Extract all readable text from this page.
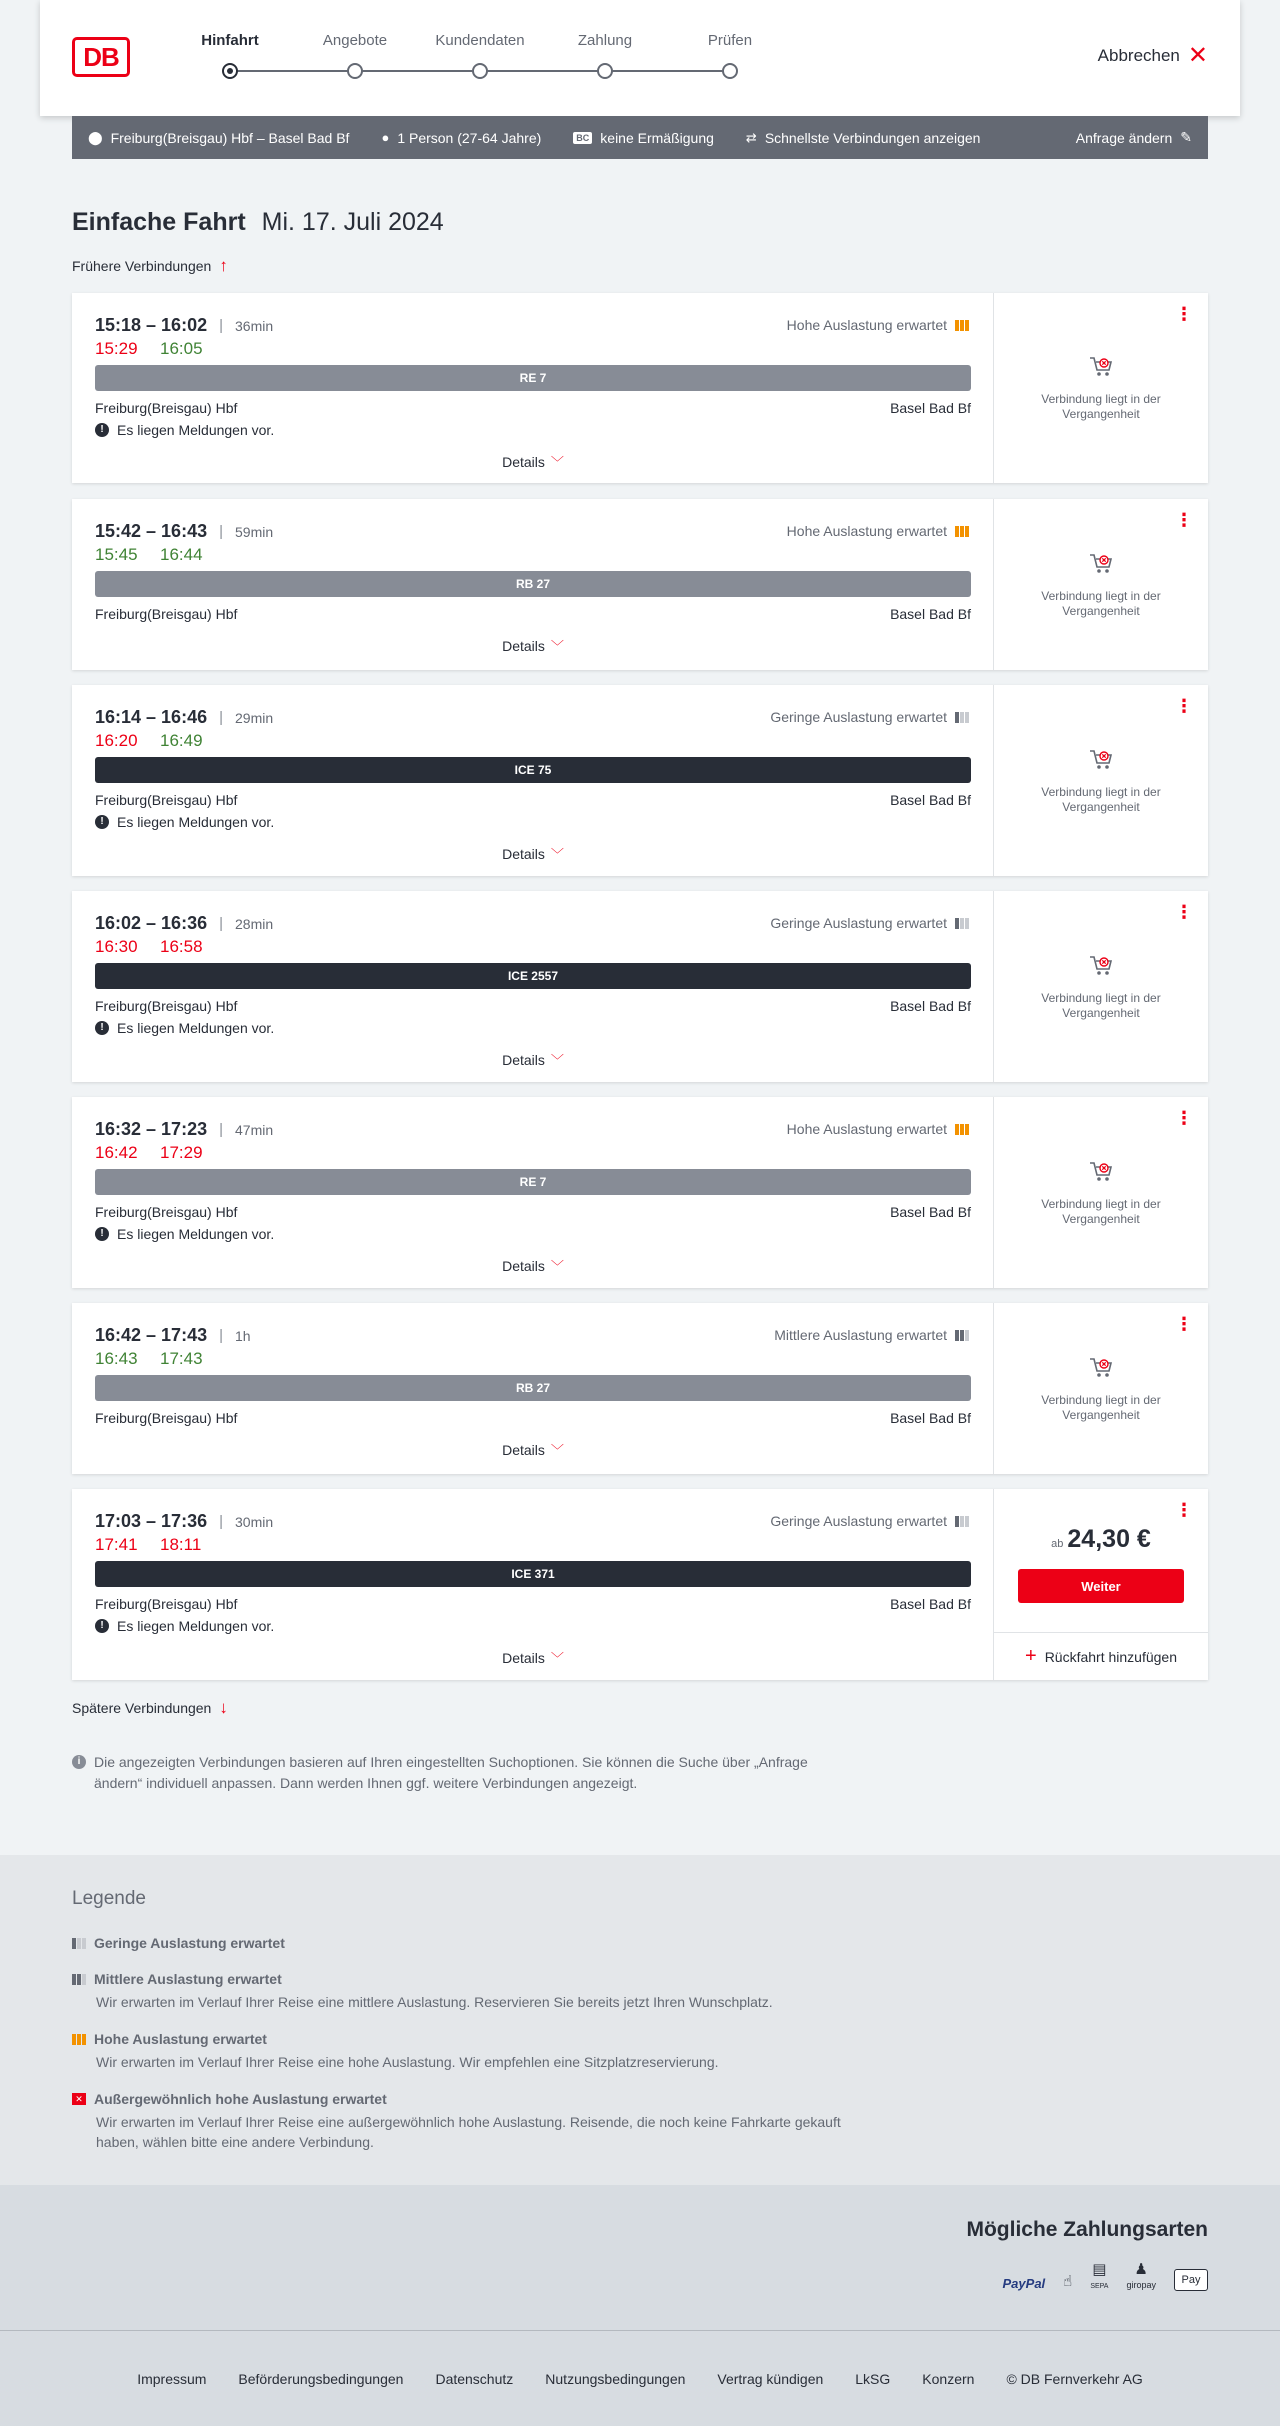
DB
Hinfahrt	Angebote	Kundendaten	Zahlung	Prüfen
Abbrechen ✕
⬤ Freiburg(Breisgau) Hbf – Basel Bad Bf ● 1 Person (27-64 Jahre)	BC keine Ermäßigung ⇄ Schnellste Verbindungen anzeigen	Anfrage ändern ✎
Einfache Fahrt Mi. 17. Juli 2024
Frühere Verbindungen ↑
15:18 – 16:02 | 36min
15:29 16:05
Hohe Auslastung erwartet
RE 7
Freiburg(Breisgau) Hbf	Basel Bad Bf
! Es liegen Meldungen vor.
Details ﹀
⋮
Verbindung liegt in der
Vergangenheit
15:42 – 16:43 | 59min
15:45 16:44
Hohe Auslastung erwartet
RB 27
Freiburg(Breisgau) Hbf	Basel Bad Bf
Details ﹀
⋮
Verbindung liegt in der
Vergangenheit
16:14 – 16:46 | 29min
16:20 16:49
Geringe Auslastung erwartet
ICE 75
Freiburg(Breisgau) Hbf	Basel Bad Bf
! Es liegen Meldungen vor.
Details ﹀
⋮
Verbindung liegt in der
Vergangenheit
16:02 – 16:36 | 28min
16:30 16:58
Geringe Auslastung erwartet
ICE 2557
Freiburg(Breisgau) Hbf	Basel Bad Bf
! Es liegen Meldungen vor.
Details ﹀
⋮
Verbindung liegt in der
Vergangenheit
16:32 – 17:23 | 47min
16:42 17:29
Hohe Auslastung erwartet
RE 7
Freiburg(Breisgau) Hbf	Basel Bad Bf
! Es liegen Meldungen vor.
Details ﹀
⋮
Verbindung liegt in der
Vergangenheit
16:42 – 17:43 | 1h
16:43 17:43
Mittlere Auslastung erwartet
RB 27
Freiburg(Breisgau) Hbf	Basel Bad Bf
Details ﹀
⋮
Verbindung liegt in der
Vergangenheit
17:03 – 17:36 | 30min
17:41 18:11
Geringe Auslastung erwartet
ICE 371
Freiburg(Breisgau) Hbf	Basel Bad Bf
! Es liegen Meldungen vor.
Details ﹀
⋮
ab 24,30 €
Weiter
+ Rückfahrt hinzufügen
Spätere Verbindungen ↓
i Die angezeigten Verbindungen basieren auf Ihren eingestellten Suchoptionen. Sie können die Suche über „Anfrage ändern“ individuell anpassen. Dann werden Ihnen ggf. weitere Verbindungen angezeigt.
Legende
Geringe Auslastung erwartet
Mittlere Auslastung erwartet
Wir erwarten im Verlauf Ihrer Reise eine mittlere Auslastung. Reservieren Sie bereits jetzt Ihren Wunschplatz.
Hohe Auslastung erwartet
Wir erwarten im Verlauf Ihrer Reise eine hohe Auslastung. Wir empfehlen eine Sitzplatzreservierung.
✕ Außergewöhnlich hohe Auslastung erwartet
Wir erwarten im Verlauf Ihrer Reise eine außergewöhnlich hohe Auslastung. Reisende, die noch keine Fahrkarte gekauft haben, wählen bitte eine andere Verbindung.
Mögliche Zahlungsarten
PayPal ☝
▤
SEPA
♟
giropay	Pay
Impressum Beförderungsbedingungen Datenschutz Nutzungsbedingungen Vertrag kündigen LkSG Konzern © DB Fernverkehr AG
